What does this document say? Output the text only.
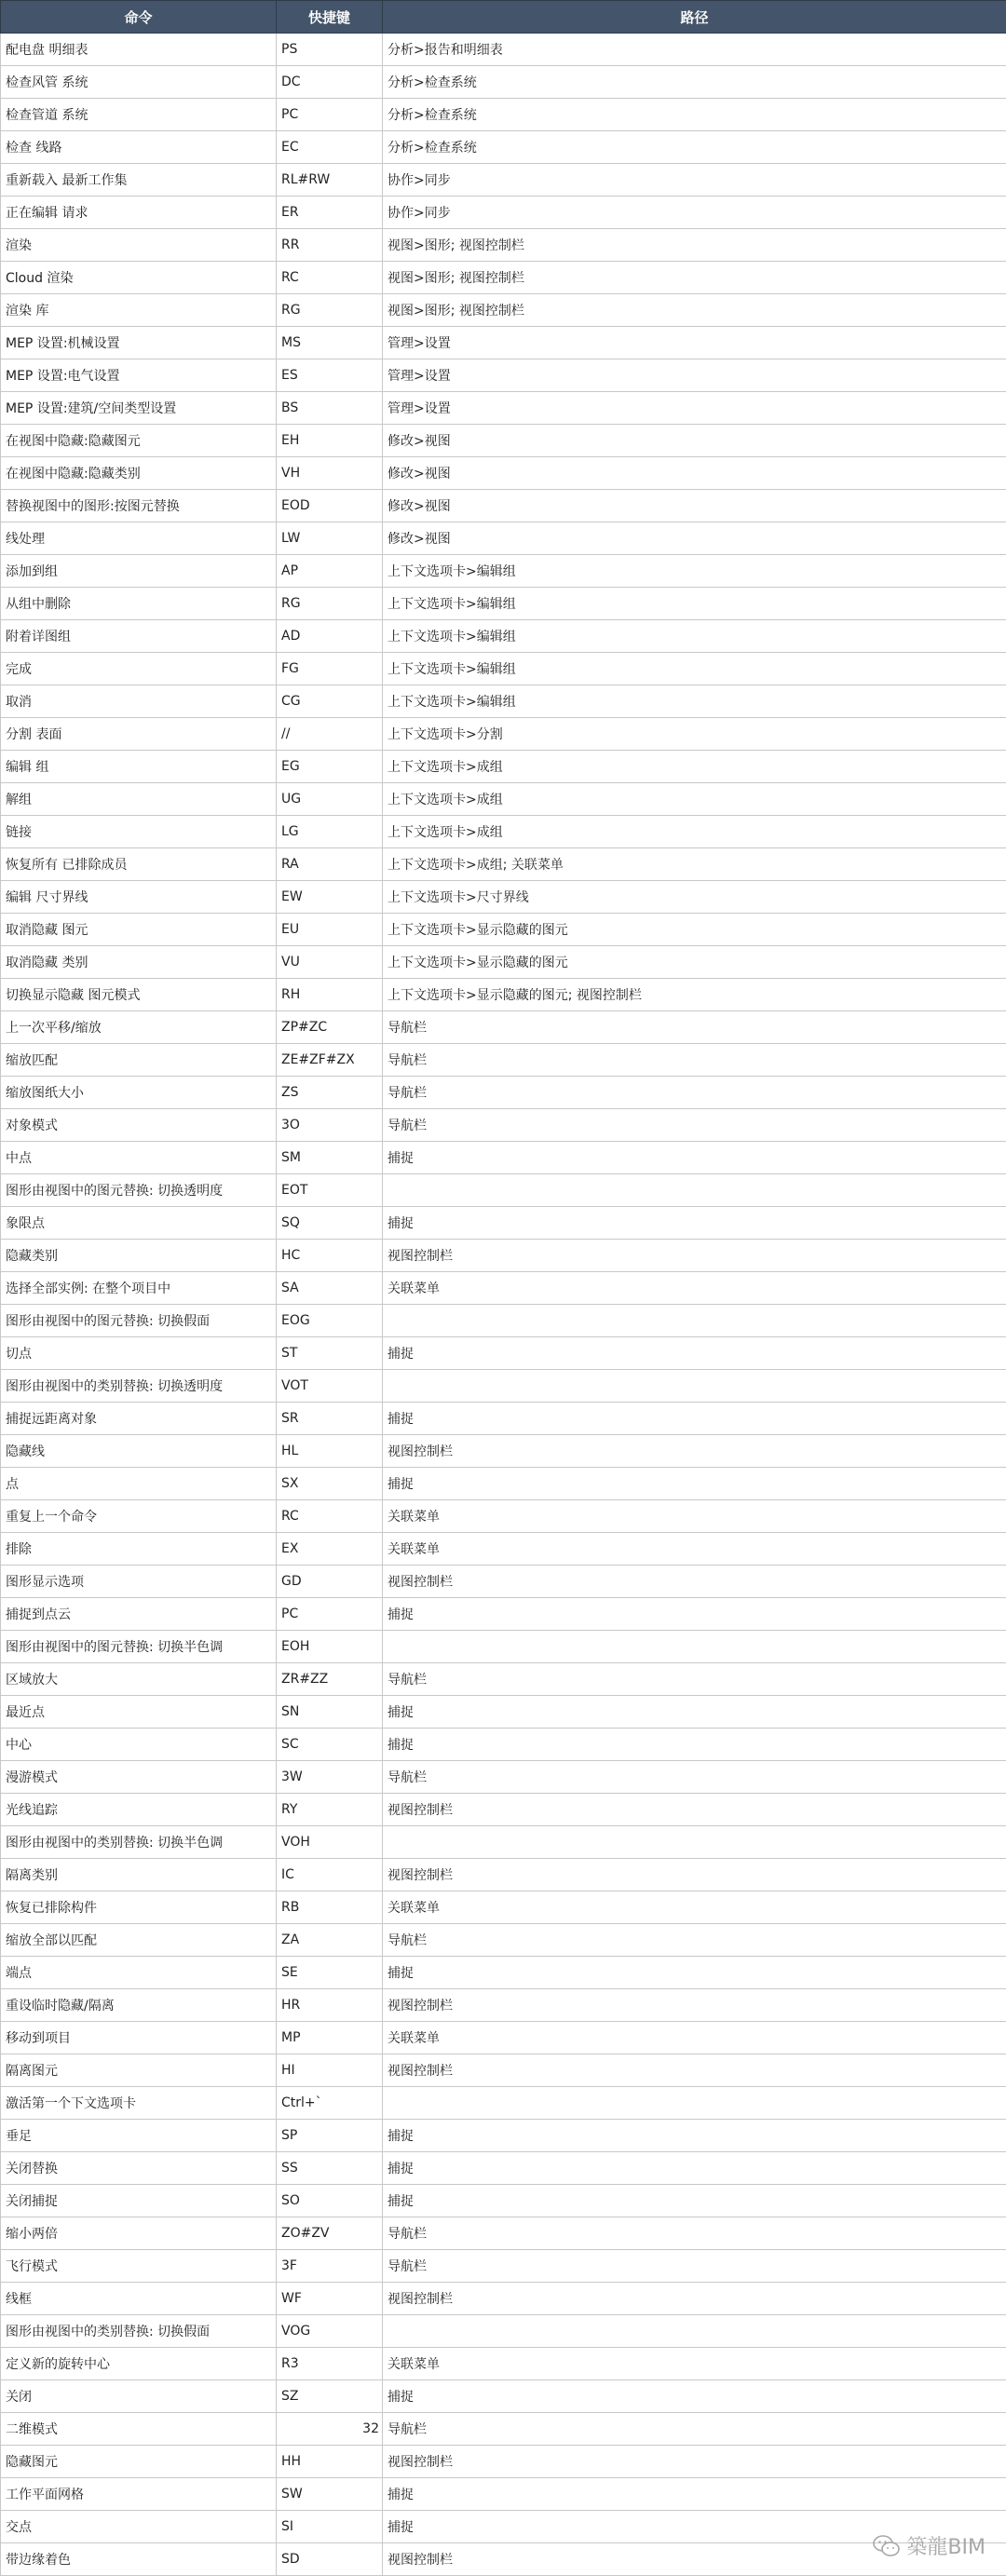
命令	快捷键	路径
配电盘 明细表	PS	分析>报告和明细表
检查风管 系统	DC	分析>检查系统
检查管道 系统	PC	分析>检查系统
检查 线路	EC	分析>检查系统
重新载入 最新工作集	RL#RW	协作>同步
正在编辑 请求	ER	协作>同步
渲染	RR	视图>图形; 视图控制栏
Cloud 渲染	RC	视图>图形; 视图控制栏
渲染 库	RG	视图>图形; 视图控制栏
MEP 设置:机械设置	MS	管理>设置
MEP 设置:电气设置	ES	管理>设置
MEP 设置:建筑/空间类型设置	BS	管理>设置
在视图中隐藏:隐藏图元	EH	修改>视图
在视图中隐藏:隐藏类别	VH	修改>视图
替换视图中的图形:按图元替换	EOD	修改>视图
线处理	LW	修改>视图
添加到组	AP	上下文选项卡>编辑组
从组中删除	RG	上下文选项卡>编辑组
附着详图组	AD	上下文选项卡>编辑组
完成	FG	上下文选项卡>编辑组
取消	CG	上下文选项卡>编辑组
分割 表面	//	上下文选项卡>分割
编辑 组	EG	上下文选项卡>成组
解组	UG	上下文选项卡>成组
链接	LG	上下文选项卡>成组
恢复所有 已排除成员	RA	上下文选项卡>成组; 关联菜单
编辑 尺寸界线	EW	上下文选项卡>尺寸界线
取消隐藏 图元	EU	上下文选项卡>显示隐藏的图元
取消隐藏 类别	VU	上下文选项卡>显示隐藏的图元
切换显示隐藏 图元模式	RH	上下文选项卡>显示隐藏的图元; 视图控制栏
上一次平移/缩放	ZP#ZC	导航栏
缩放匹配	ZE#ZF#ZX	导航栏
缩放图纸大小	ZS	导航栏
对象模式	3O	导航栏
中点	SM	捕捉
图形由视图中的图元替换: 切换透明度	EOT	
象限点	SQ	捕捉
隐藏类别	HC	视图控制栏
选择全部实例: 在整个项目中	SA	关联菜单
图形由视图中的图元替换: 切换假面	EOG	
切点	ST	捕捉
图形由视图中的类别替换: 切换透明度	VOT	
捕捉远距离对象	SR	捕捉
隐藏线	HL	视图控制栏
点	SX	捕捉
重复上一个命令	RC	关联菜单
排除	EX	关联菜单
图形显示选项	GD	视图控制栏
捕捉到点云	PC	捕捉
图形由视图中的图元替换: 切换半色调	EOH	
区域放大	ZR#ZZ	导航栏
最近点	SN	捕捉
中心	SC	捕捉
漫游模式	3W	导航栏
光线追踪	RY	视图控制栏
图形由视图中的类别替换: 切换半色调	VOH	
隔离类别	IC	视图控制栏
恢复已排除构件	RB	关联菜单
缩放全部以匹配	ZA	导航栏
端点	SE	捕捉
重设临时隐藏/隔离	HR	视图控制栏
移动到项目	MP	关联菜单
隔离图元	HI	视图控制栏
激活第一个下文选项卡	Ctrl+`	
垂足	SP	捕捉
关闭替换	SS	捕捉
关闭捕捉	SO	捕捉
缩小两倍	ZO#ZV	导航栏
飞行模式	3F	导航栏
线框	WF	视图控制栏
图形由视图中的类别替换: 切换假面	VOG	
定义新的旋转中心	R3	关联菜单
关闭	SZ	捕捉
二维模式	32	导航栏
隐藏图元	HH	视图控制栏
工作平面网格	SW	捕捉
交点	SI	捕捉
带边缘着色	SD	视图控制栏
築龍BIM
